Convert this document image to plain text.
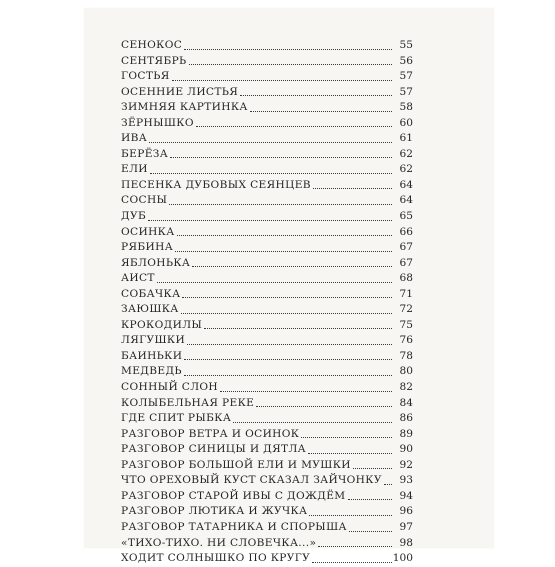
СЕНОКОС	55
СЕНТЯБРЬ	56
ГОСТЬЯ	57
ОСЕННИЕ ЛИСТЬЯ	57
ЗИМНЯЯ КАРТИНКА	58
ЗЁРНЫШКО	60
ИВА	61
БЕРЁЗА	62
ЕЛИ	62
ПЕСЕНКА ДУБОВЫХ СЕЯНЦЕВ	64
СОСНЫ	64
ДУБ	65
ОСИНКА	66
РЯБИНА	67
ЯБЛОНЬКА	67
АИСТ	68
СОБАЧКА	71
ЗАЮШКА	72
КРОКОДИЛЫ	75
ЛЯГУШКИ	76
БАИНЬКИ	78
МЕДВЕДЬ	80
СОННЫЙ СЛОН	82
КОЛЫБЕЛЬНАЯ РЕКЕ	84
ГДЕ СПИТ РЫБКА	86
РАЗГОВОР ВЕТРА И ОСИНОК	89
РАЗГОВОР СИНИЦЫ И ДЯТЛА	90
РАЗГОВОР БОЛЬШОЙ ЕЛИ И МУШКИ	92
ЧТО ОРЕХОВЫЙ КУСТ СКАЗАЛ ЗАЙЧОНКУ	93
РАЗГОВОР СТАРОЙ ИВЫ С ДОЖДЁМ	94
РАЗГОВОР ЛЮТИКА И ЖУЧКА	96
РАЗГОВОР ТАТАРНИКА И СПОРЫША	97
«ТИХО-ТИХО. НИ СЛОВЕЧКА...»	98
ХОДИТ СОЛНЫШКО ПО КРУГУ	100
